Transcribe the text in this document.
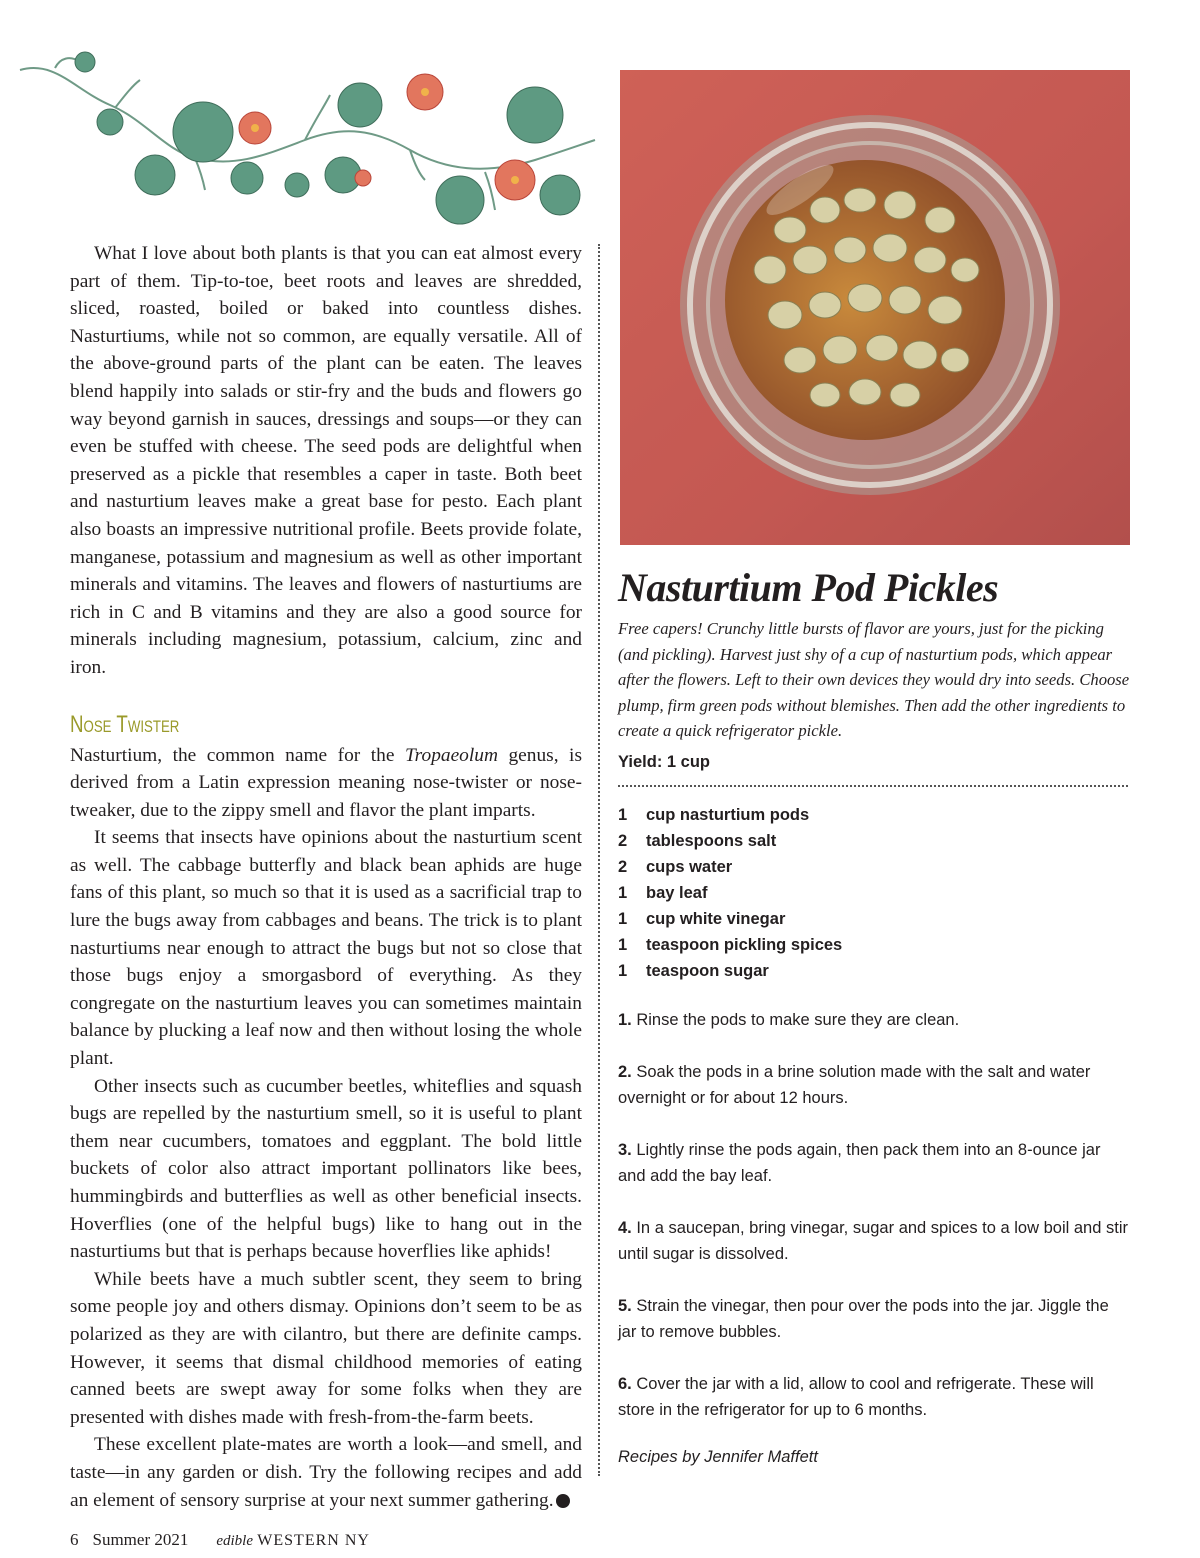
What I love about both plants is that you can eat almost every part of them. Tip-to-toe, beet roots and leaves are shredded, sliced, roasted, boiled or baked into countless dishes. Nasturtiums, while not so common, are equally versatile. All of the above-ground parts of the plant can be eaten. The leaves blend happily into salads or stir-fry and the buds and flowers go way beyond garnish in sauces, dressings and soups—or they can even be stuffed with cheese. The seed pods are delightful when preserved as a pickle that resembles a caper in taste. Both beet and nasturtium leaves make a great base for pesto. Each plant also boasts an impressive nutritional profile. Beets provide folate, manganese, potassium and magnesium as well as other important minerals and vitamins. The leaves and flowers of nasturtiums are rich in C and B vitamins and they are also a good source for minerals including magnesium, potassium, calcium, zinc and iron.

Nose Twister

Nasturtium, the common name for the Tropaeolum genus, is derived from a Latin expression meaning nose-twister or nose-tweaker, due to the zippy smell and flavor the plant imparts.

It seems that insects have opinions about the nasturtium scent as well. The cabbage butterfly and black bean aphids are huge fans of this plant, so much so that it is used as a sacrificial trap to lure the bugs away from cabbages and beans. The trick is to plant nasturtiums near enough to attract the bugs but not so close that those bugs enjoy a smorgasbord of everything. As they congregate on the nasturtium leaves you can sometimes maintain balance by plucking a leaf now and then without losing the whole plant.

Other insects such as cucumber beetles, whiteflies and squash bugs are repelled by the nasturtium smell, so it is useful to plant them near cucumbers, tomatoes and eggplant. The bold little buckets of color also attract important pollinators like bees, hummingbirds and butterflies as well as other beneficial insects. Hoverflies (one of the helpful bugs) like to hang out in the nasturtiums but that is perhaps because hoverflies like aphids!

While beets have a much subtler scent, they seem to bring some people joy and others dismay. Opinions don’t seem to be as polarized as they are with cilantro, but there are definite camps. However, it seems that dismal childhood memories of eating canned beets are swept away for some folks when they are presented with dishes made with fresh-from-the-farm beets.

These excellent plate-mates are worth a look—and smell, and taste—in any garden or dish. Try the following recipes and add an element of sensory surprise at your next summer gathering.	e

Nasturtium Pod Pickles

Free capers! Crunchy little bursts of flavor are yours, just for the picking (and pickling). Harvest just shy of a cup of nasturtium pods, which appear after the flowers. Left to their own devices they would dry into seeds. Choose plump, firm green pods without blemishes. Then add the other ingredients to create a quick refrigerator pickle.

Yield: 1 cup
1	cup nasturtium pods
2	tablespoons salt
2	cups water
1	bay leaf
1	cup white vinegar
1	teaspoon pickling spices
1	teaspoon sugar

1. Rinse the pods to make sure they are clean.

2. Soak the pods in a brine solution made with the salt and water overnight or for about 12 hours.

3. Lightly rinse the pods again, then pack them into an 8-ounce jar and add the bay leaf.

4. In a saucepan, bring vinegar, sugar and spices to a low boil and stir until sugar is dissolved.

5. Strain the vinegar, then pour over the pods into the jar. Jiggle the jar to remove bubbles.

6. Cover the jar with a lid, allow to cool and refrigerate. These will store in the refrigerator for up to 6 months.

Recipes by Jennifer Maffett
6 Summer 2021 edible WESTERN NY
